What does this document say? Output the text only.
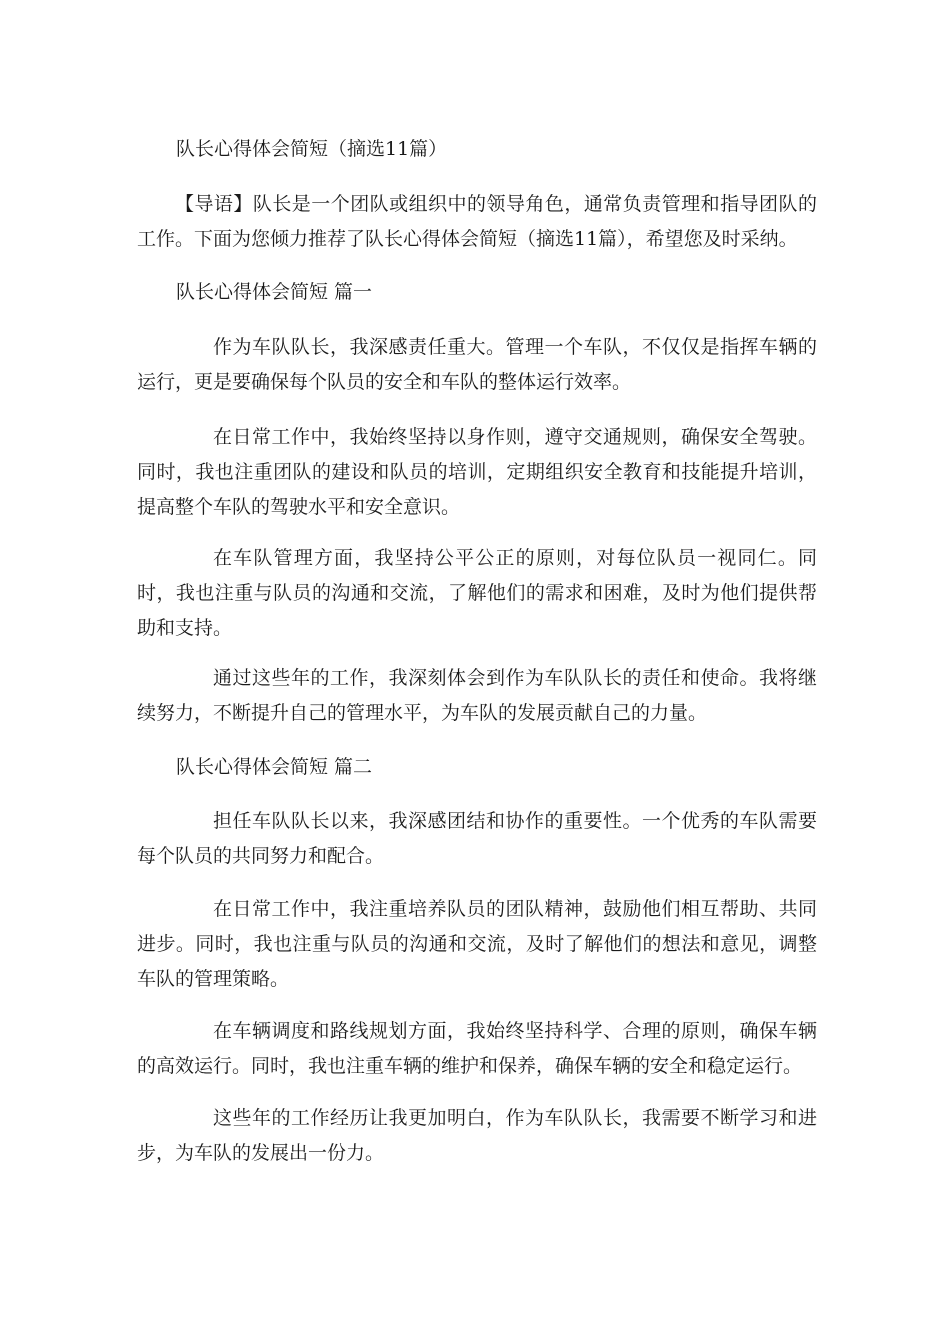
队长心得体会简短（摘选11篇）

【导语】队长是一个团队或组织中的领导角色，通常负责管理和指导团队的工作。下面为您倾力推荐了队长心得体会简短（摘选11篇），希望您及时采纳。

队长心得体会简短 篇一

作为车队队长，我深感责任重大。管理一个车队，不仅仅是指挥车辆的运行，更是要确保每个队员的安全和车队的整体运行效率。

在日常工作中，我始终坚持以身作则，遵守交通规则，确保安全驾驶。同时，我也注重团队的建设和队员的培训，定期组织安全教育和技能提升培训，提高整个车队的驾驶水平和安全意识。

在车队管理方面，我坚持公平公正的原则，对每位队员一视同仁。同时，我也注重与队员的沟通和交流，了解他们的需求和困难，及时为他们提供帮助和支持。

通过这些年的工作，我深刻体会到作为车队队长的责任和使命。我将继续努力，不断提升自己的管理水平，为车队的发展贡献自己的力量。

队长心得体会简短 篇二

担任车队队长以来，我深感团结和协作的重要性。一个优秀的车队需要每个队员的共同努力和配合。

在日常工作中，我注重培养队员的团队精神，鼓励他们相互帮助、共同进步。同时，我也注重与队员的沟通和交流，及时了解他们的想法和意见，调整车队的管理策略。

在车辆调度和路线规划方面，我始终坚持科学、合理的原则，确保车辆的高效运行。同时，我也注重车辆的维护和保养，确保车辆的安全和稳定运行。

这些年的工作经历让我更加明白，作为车队队长，我需要不断学习和进步，为车队的发展出一份力。
